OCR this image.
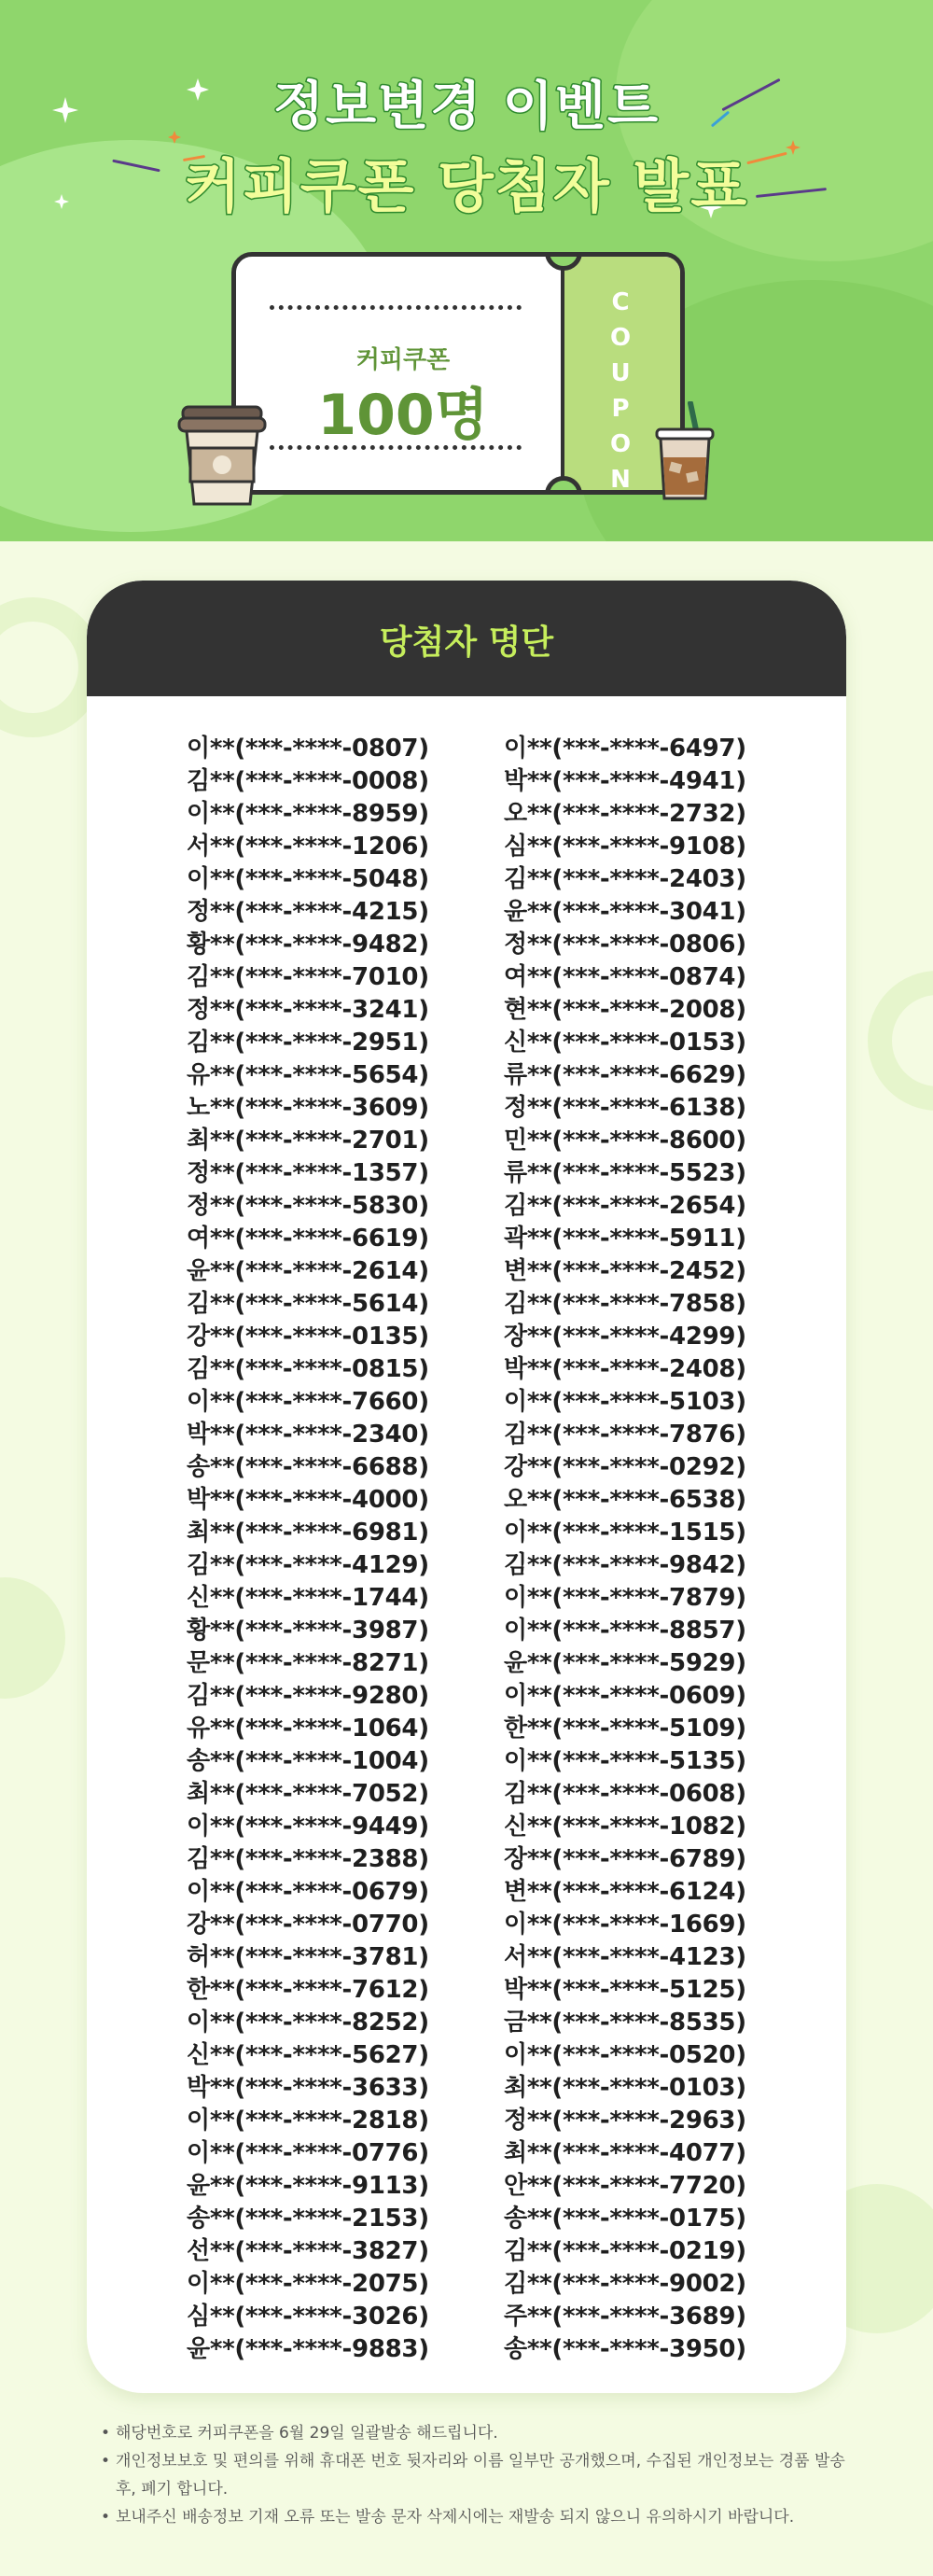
정보변경 이벤트
커피쿠폰 당첨자 발표
커피쿠폰
100명
C
O
U
P
O
N
당첨자 명단
이**(***-****-0807)
김**(***-****-0008)
이**(***-****-8959)
서**(***-****-1206)
이**(***-****-5048)
정**(***-****-4215)
황**(***-****-9482)
김**(***-****-7010)
정**(***-****-3241)
김**(***-****-2951)
유**(***-****-5654)
노**(***-****-3609)
최**(***-****-2701)
정**(***-****-1357)
정**(***-****-5830)
여**(***-****-6619)
윤**(***-****-2614)
김**(***-****-5614)
강**(***-****-0135)
김**(***-****-0815)
이**(***-****-7660)
박**(***-****-2340)
송**(***-****-6688)
박**(***-****-4000)
최**(***-****-6981)
김**(***-****-4129)
신**(***-****-1744)
황**(***-****-3987)
문**(***-****-8271)
김**(***-****-9280)
유**(***-****-1064)
송**(***-****-1004)
최**(***-****-7052)
이**(***-****-9449)
김**(***-****-2388)
이**(***-****-0679)
강**(***-****-0770)
허**(***-****-3781)
한**(***-****-7612)
이**(***-****-8252)
신**(***-****-5627)
박**(***-****-3633)
이**(***-****-2818)
이**(***-****-0776)
윤**(***-****-9113)
송**(***-****-2153)
선**(***-****-3827)
이**(***-****-2075)
심**(***-****-3026)
윤**(***-****-9883)
이**(***-****-6497)
박**(***-****-4941)
오**(***-****-2732)
심**(***-****-9108)
김**(***-****-2403)
윤**(***-****-3041)
정**(***-****-0806)
여**(***-****-0874)
현**(***-****-2008)
신**(***-****-0153)
류**(***-****-6629)
정**(***-****-6138)
민**(***-****-8600)
류**(***-****-5523)
김**(***-****-2654)
곽**(***-****-5911)
변**(***-****-2452)
김**(***-****-7858)
장**(***-****-4299)
박**(***-****-2408)
이**(***-****-5103)
김**(***-****-7876)
강**(***-****-0292)
오**(***-****-6538)
이**(***-****-1515)
김**(***-****-9842)
이**(***-****-7879)
이**(***-****-8857)
윤**(***-****-5929)
이**(***-****-0609)
한**(***-****-5109)
이**(***-****-5135)
김**(***-****-0608)
신**(***-****-1082)
장**(***-****-6789)
변**(***-****-6124)
이**(***-****-1669)
서**(***-****-4123)
박**(***-****-5125)
금**(***-****-8535)
이**(***-****-0520)
최**(***-****-0103)
정**(***-****-2963)
최**(***-****-4077)
안**(***-****-7720)
송**(***-****-0175)
김**(***-****-0219)
김**(***-****-9002)
주**(***-****-3689)
송**(***-****-3950)
• 해당번호로 커피쿠폰을 6월 29일 일괄발송 해드립니다.
• 개인정보보호 및 편의를 위해 휴대폰 번호 뒷자리와 이름 일부만 공개했으며, 수집된 개인정보는 경품 발송 후, 폐기 합니다.
• 보내주신 배송정보 기재 오류 또는 발송 문자 삭제시에는 재발송 되지 않으니 유의하시기 바랍니다.
